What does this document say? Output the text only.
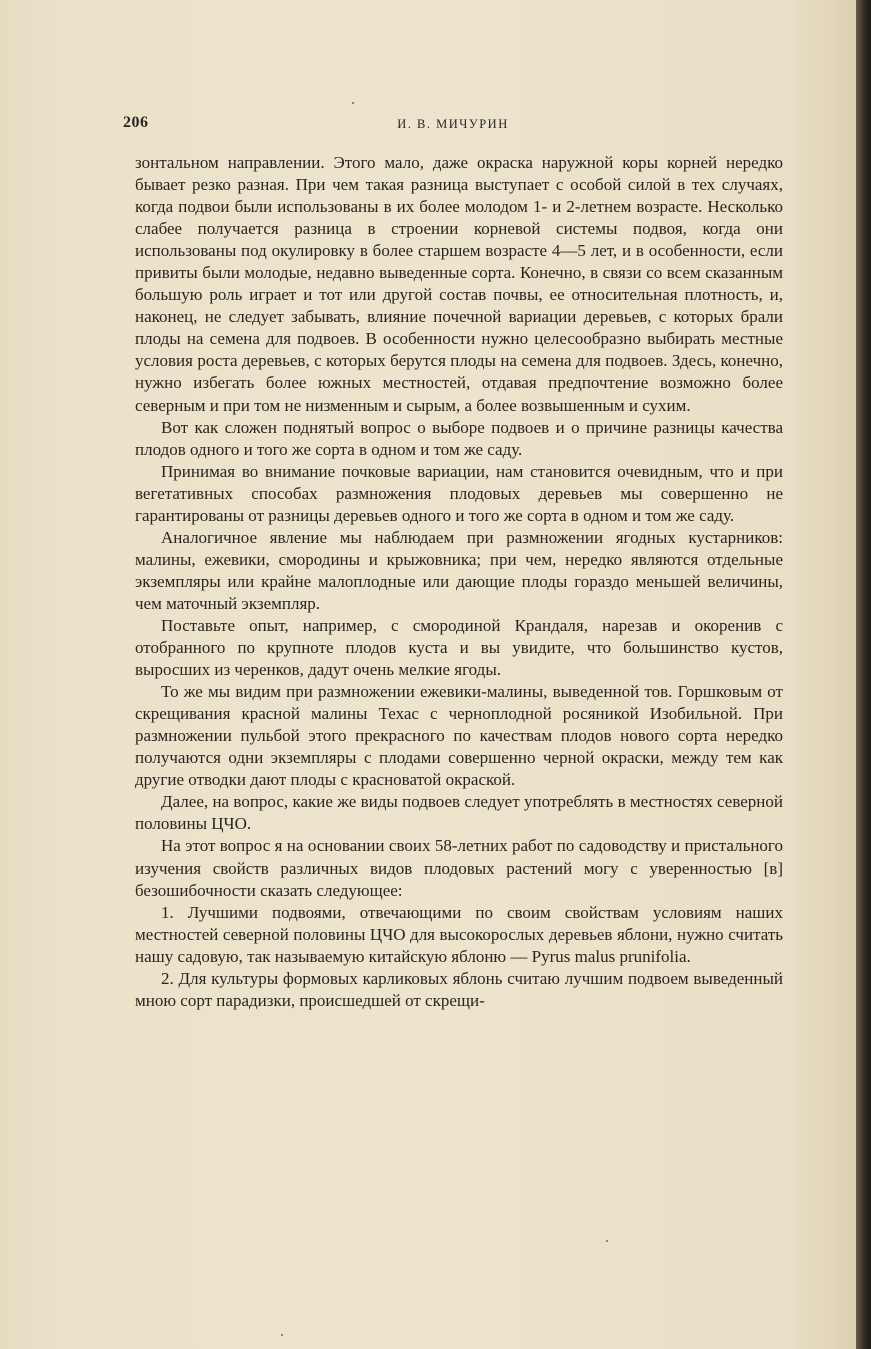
206	И. В. МИЧУРИН

зонтальном направлении. Этого мало, даже окраска наружной коры корней нередко бывает резко разная. При чем такая разница выступает с особой силой в тех случаях, когда подвои были использованы в их более молодом 1- и 2-летнем возрасте. Несколько слабее получается разница в строении корневой системы подвоя, когда они использованы под окулировку в более старшем возрасте 4—5 лет, и в особенности, если привиты были молодые, недавно выведенные сорта. Конечно, в связи со всем сказанным большую роль играет и тот или другой состав почвы, ее относительная плотность, и, наконец, не следует забывать, влияние почечной вариации деревьев, с которых брали плоды на семена для подвоев. В особенности нужно целесообразно выбирать местные условия роста деревьев, с которых берутся плоды на семена для подвоев. Здесь, конечно, нужно избегать более южных местностей, отдавая предпочтение возможно более северным и при том не низменным и сырым, а более возвышенным и сухим.

Вот как сложен поднятый вопрос о выборе подвоев и о причине разницы качества плодов одного и того же сорта в одном и том же саду.

Принимая во внимание почковые вариации, нам становится очевидным, что и при вегетативных способах размножения плодовых деревьев мы совершенно не гарантированы от разницы деревьев одного и того же сорта в одном и том же саду.

Аналогичное явление мы наблюдаем при размножении ягодных кустарников: малины, ежевики, смородины и крыжовника; при чем, нередко являются отдельные экземпляры или крайне малоплодные или дающие плоды гораздо меньшей величины, чем маточный экземпляр.

Поставьте опыт, например, с смородиной Крандаля, нарезав и окоренив с отобранного по крупноте плодов куста и вы увидите, что большинство кустов, выросших из черенков, дадут очень мелкие ягоды.

То же мы видим при размножении ежевики-малины, выведенной тов. Горшковым от скрещивания красной малины Техас с черноплодной росяникой Изобильной. При размножении пульбой этого прекрасного по качествам плодов нового сорта нередко получаются одни экземпляры с плодами совершенно черной окраски, между тем как другие отводки дают плоды с красноватой окраской.

Далее, на вопрос, какие же виды подвоев следует употреблять в местностях северной половины ЦЧО.

На этот вопрос я на основании своих 58-летних работ по садоводству и пристального изучения свойств различных видов плодовых растений могу с уверенностью [в] безошибочности сказать следующее:

1. Лучшими подвоями, отвечающими по своим свойствам условиям наших местностей северной половины ЦЧО для высокорослых деревьев яблони, нужно считать нашу садовую, так называемую китайскую яблоню — Pyrus malus prunifolia.

2. Для культуры формовых карликовых яблонь считаю лучшим подвоем выведенный мною сорт парадизки, происшедшей от скрещи-
